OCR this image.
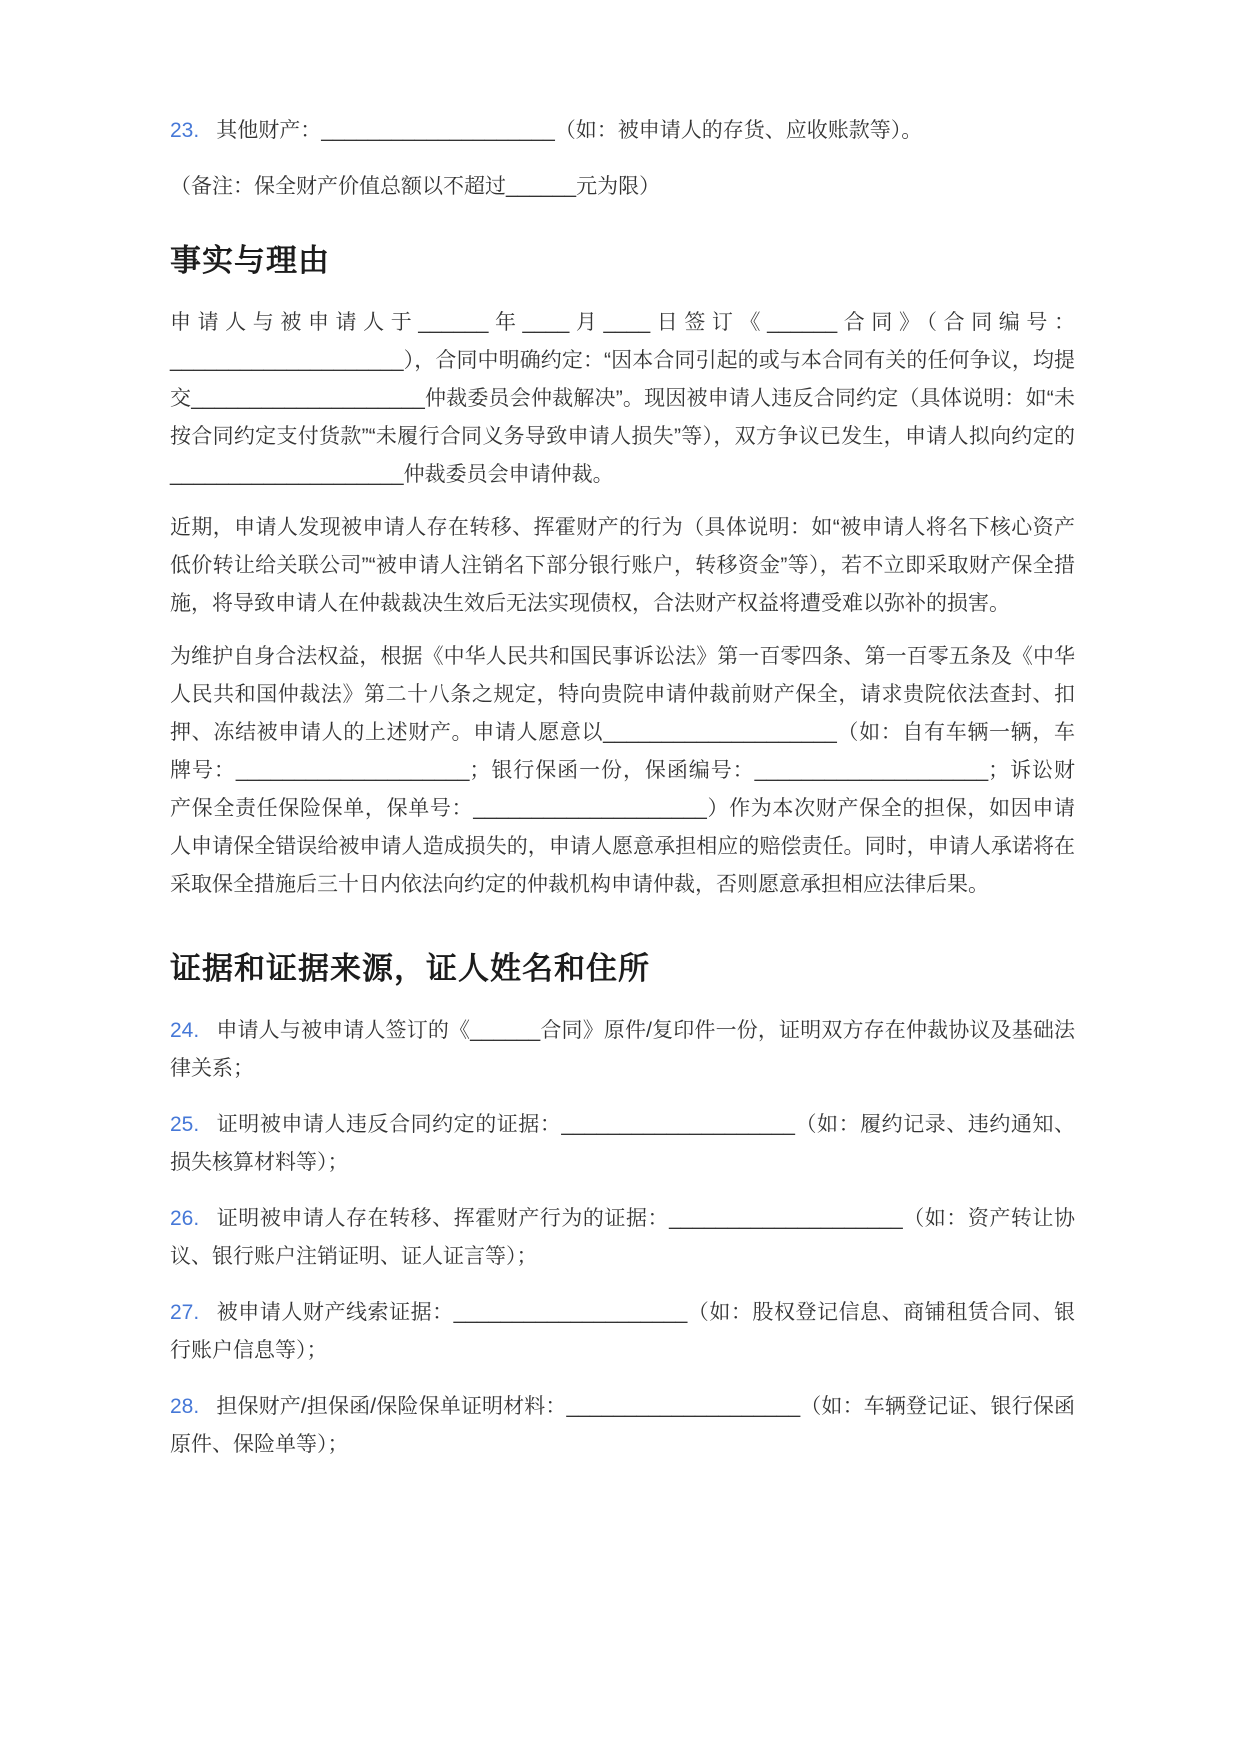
23. 其他财产：____________________（如：被申请人的存货、应收账款等）。

（备注：保全财产价值总额以不超过______元为限）

事实与理由

申请人与被申请人于______年____月____日签订《______合同》（合同编号：____________________），合同中明确约定：“因本合同引起的或与本合同有关的任何争议，均提交____________________仲裁委员会仲裁解决”。现因被申请人违反合同约定（具体说明：如“未按合同约定支付货款”“未履行合同义务导致申请人损失”等），双方争议已发生，申请人拟向约定的____________________仲裁委员会申请仲裁。

近期，申请人发现被申请人存在转移、挥霍财产的行为（具体说明：如“被申请人将名下核心资产低价转让给关联公司”“被申请人注销名下部分银行账户，转移资金”等），若不立即采取财产保全措施，将导致申请人在仲裁裁决生效后无法实现债权，合法财产权益将遭受难以弥补的损害。

为维护自身合法权益，根据《中华人民共和国民事诉讼法》第一百零四条、第一百零五条及《中华人民共和国仲裁法》第二十八条之规定，特向贵院申请仲裁前财产保全，请求贵院依法查封、扣押、冻结被申请人的上述财产。申请人愿意以____________________（如：自有车辆一辆，车牌号：____________________；银行保函一份，保函编号：____________________；诉讼财产保全责任保险保单，保单号：____________________）作为本次财产保全的担保，如因申请人申请保全错误给被申请人造成损失的，申请人愿意承担相应的赔偿责任。同时，申请人承诺将在采取保全措施后三十日内依法向约定的仲裁机构申请仲裁，否则愿意承担相应法律后果。

证据和证据来源，证人姓名和住所
24. 申请人与被申请人签订的《______合同》原件/复印件一份，证明双方存在仲裁协议及基础法律关系；
25. 证明被申请人违反合同约定的证据：____________________（如：履约记录、违约通知、损失核算材料等）；
26. 证明被申请人存在转移、挥霍财产行为的证据：____________________（如：资产转让协议、银行账户注销证明、证人证言等）；
27. 被申请人财产线索证据：____________________（如：股权登记信息、商铺租赁合同、银行账户信息等）；
28. 担保财产/担保函/保险保单证明材料：____________________（如：车辆登记证、银行保函原件、保险单等）；
